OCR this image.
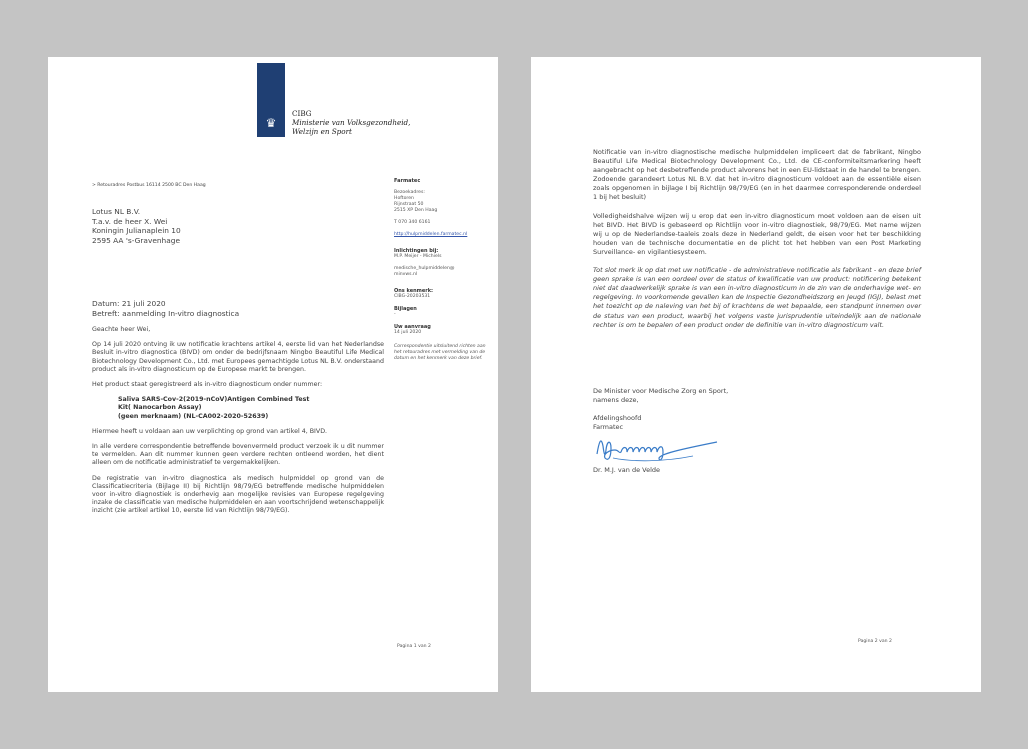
♛
CIBG
Ministerie van Volksgezondheid,
Welzijn en Sport
> Retouradres Postbus 16114 2500 BC Den Haag
Lotus NL B.V.
T.a.v. de heer X. Wei
Koningin Julianaplein 10
2595 AA 's-Gravenhage
Datum: 21 juli 2020
Betreft: aanmelding In-vitro diagnostica

Geachte heer Wei,

Op 14 juli 2020 ontving ik uw notificatie krachtens artikel 4, eerste lid van het Nederlandse Besluit in-vitro diagnostica (BIVD) om onder de bedrijfsnaam Ningbo Beautiful Life Medical Biotechnology Development Co., Ltd. met Europees gemachtigde Lotus NL B.V. onderstaand product als in-vitro diagnosticum op de Europese markt te brengen.

Het product staat geregistreerd als in-vitro diagnosticum onder nummer:

Saliva SARS-Cov-2(2019-nCoV)Antigen Combined Test
Kit( Nanocarbon Assay)
(geen merknaam) (NL-CA002-2020-52639)

Hiermee heeft u voldaan aan uw verplichting op grond van artikel 4, BIVD.

In alle verdere correspondentie betreffende bovenvermeld product verzoek ik u dit nummer te vermelden. Aan dit nummer kunnen geen verdere rechten ontleend worden, het dient alleen om de notificatie administratief te vergemakkelijken.

De registratie van in-vitro diagnostica als medisch hulpmiddel op grond van de Classificatiecriteria (Bijlage II) bij Richtlijn 98/79/EG betreffende medische hulpmiddelen voor in-vitro diagnostiek is onderhevig aan mogelijke revisies van Europese regelgeving inzake de classificatie van medische hulpmiddelen en aan voortschrijdend wetenschappelijk inzicht (zie artikel artikel 10, eerste lid van Richtlijn 98/79/EG).

Farmatec
Bezoekadres:
Hoftoren
Rijnstraat 50
2515 XP Den Haag
T 070 340 6161
http://hulpmiddelen.farmatec.nl
Inlichtingen bij:
M.P. Meijer - Michiels
medische_hulpmiddelen@
minvws.nl
Ons kenmerk:
CIBG-20203531
Bijlagen
-
Uw aanvraag
14 juli 2020
Correspondentie uitsluitend richten aan het retouradres met vermelding van de datum en het kenmerk van deze brief.
Pagina 1 van 2

Notificatie van in-vitro diagnostische medische hulpmiddelen impliceert dat de fabrikant, Ningbo Beautiful Life Medical Biotechnology Development Co., Ltd. de CE-conformiteitsmarkering heeft aangebracht op het desbetreffende product alvorens het in een EU-lidstaat in de handel te brengen. Zodoende garandeert Lotus NL B.V. dat het in-vitro diagnosticum voldoet aan de essentiële eisen zoals opgenomen in bijlage I bij Richtlijn 98/79/EG (en in het daarmee corresponderende onderdeel 1 bij het besluit)

Volledigheidshalve wijzen wij u erop dat een in-vitro diagnosticum moet voldoen aan de eisen uit het BIVD. Het BIVD is gebaseerd op Richtlijn voor in-vitro diagnostiek, 98/79/EG. Met name wijzen wij u op de Nederlandse-taaleis zoals deze in Nederland geldt, de eisen voor het ter beschikking houden van de technische documentatie en de plicht tot het hebben van een Post Marketing Surveillance- en vigilantiesysteem.

Tot slot merk ik op dat met uw notificatie - de administratieve notificatie als fabrikant - en deze brief geen sprake is van een oordeel over de status of kwalificatie van uw product: notificering betekent niet dat daadwerkelijk sprake is van een in-vitro diagnosticum in de zin van de onderhavige wet- en regelgeving. In voorkomende gevallen kan de Inspectie Gezondheidszorg en Jeugd (IGJ), belast met het toezicht op de naleving van het bij of krachtens de wet bepaalde, een standpunt innemen over de status van een product, waarbij het volgens vaste jurisprudentie uiteindelijk aan de nationale rechter is om te bepalen of een product onder de definitie van in-vitro diagnosticum valt.

De Minister voor Medische Zorg en Sport,
namens deze,
Afdelingshoofd
Farmatec
Dr. M.J. van de Velde
Pagina 2 van 2
